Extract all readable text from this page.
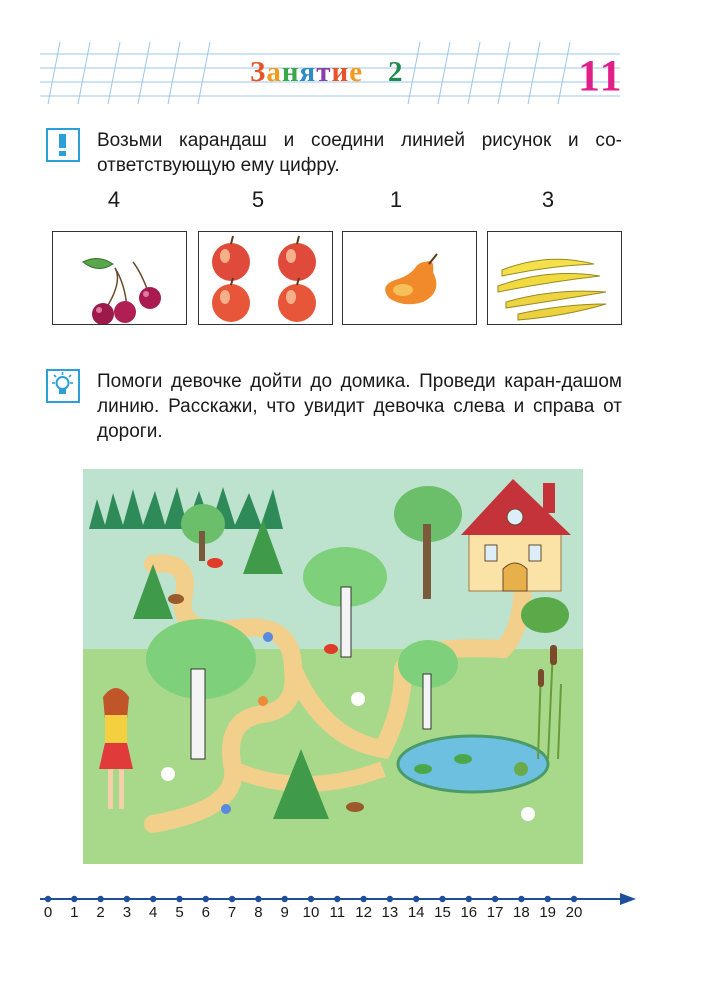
Занятие 2	11
Возьми карандаш и соедини линией рисунок и со-ответствующую ему цифру.
4	5	1	3
Помоги девочке дойти до домика. Проведи каран-дашом линию. Расскажи, что увидит девочка слева и справа от дороги.
0	1	2	3	4	5	6	7	8	9 10 11 12 13 14 15 16 17 18 19 20
